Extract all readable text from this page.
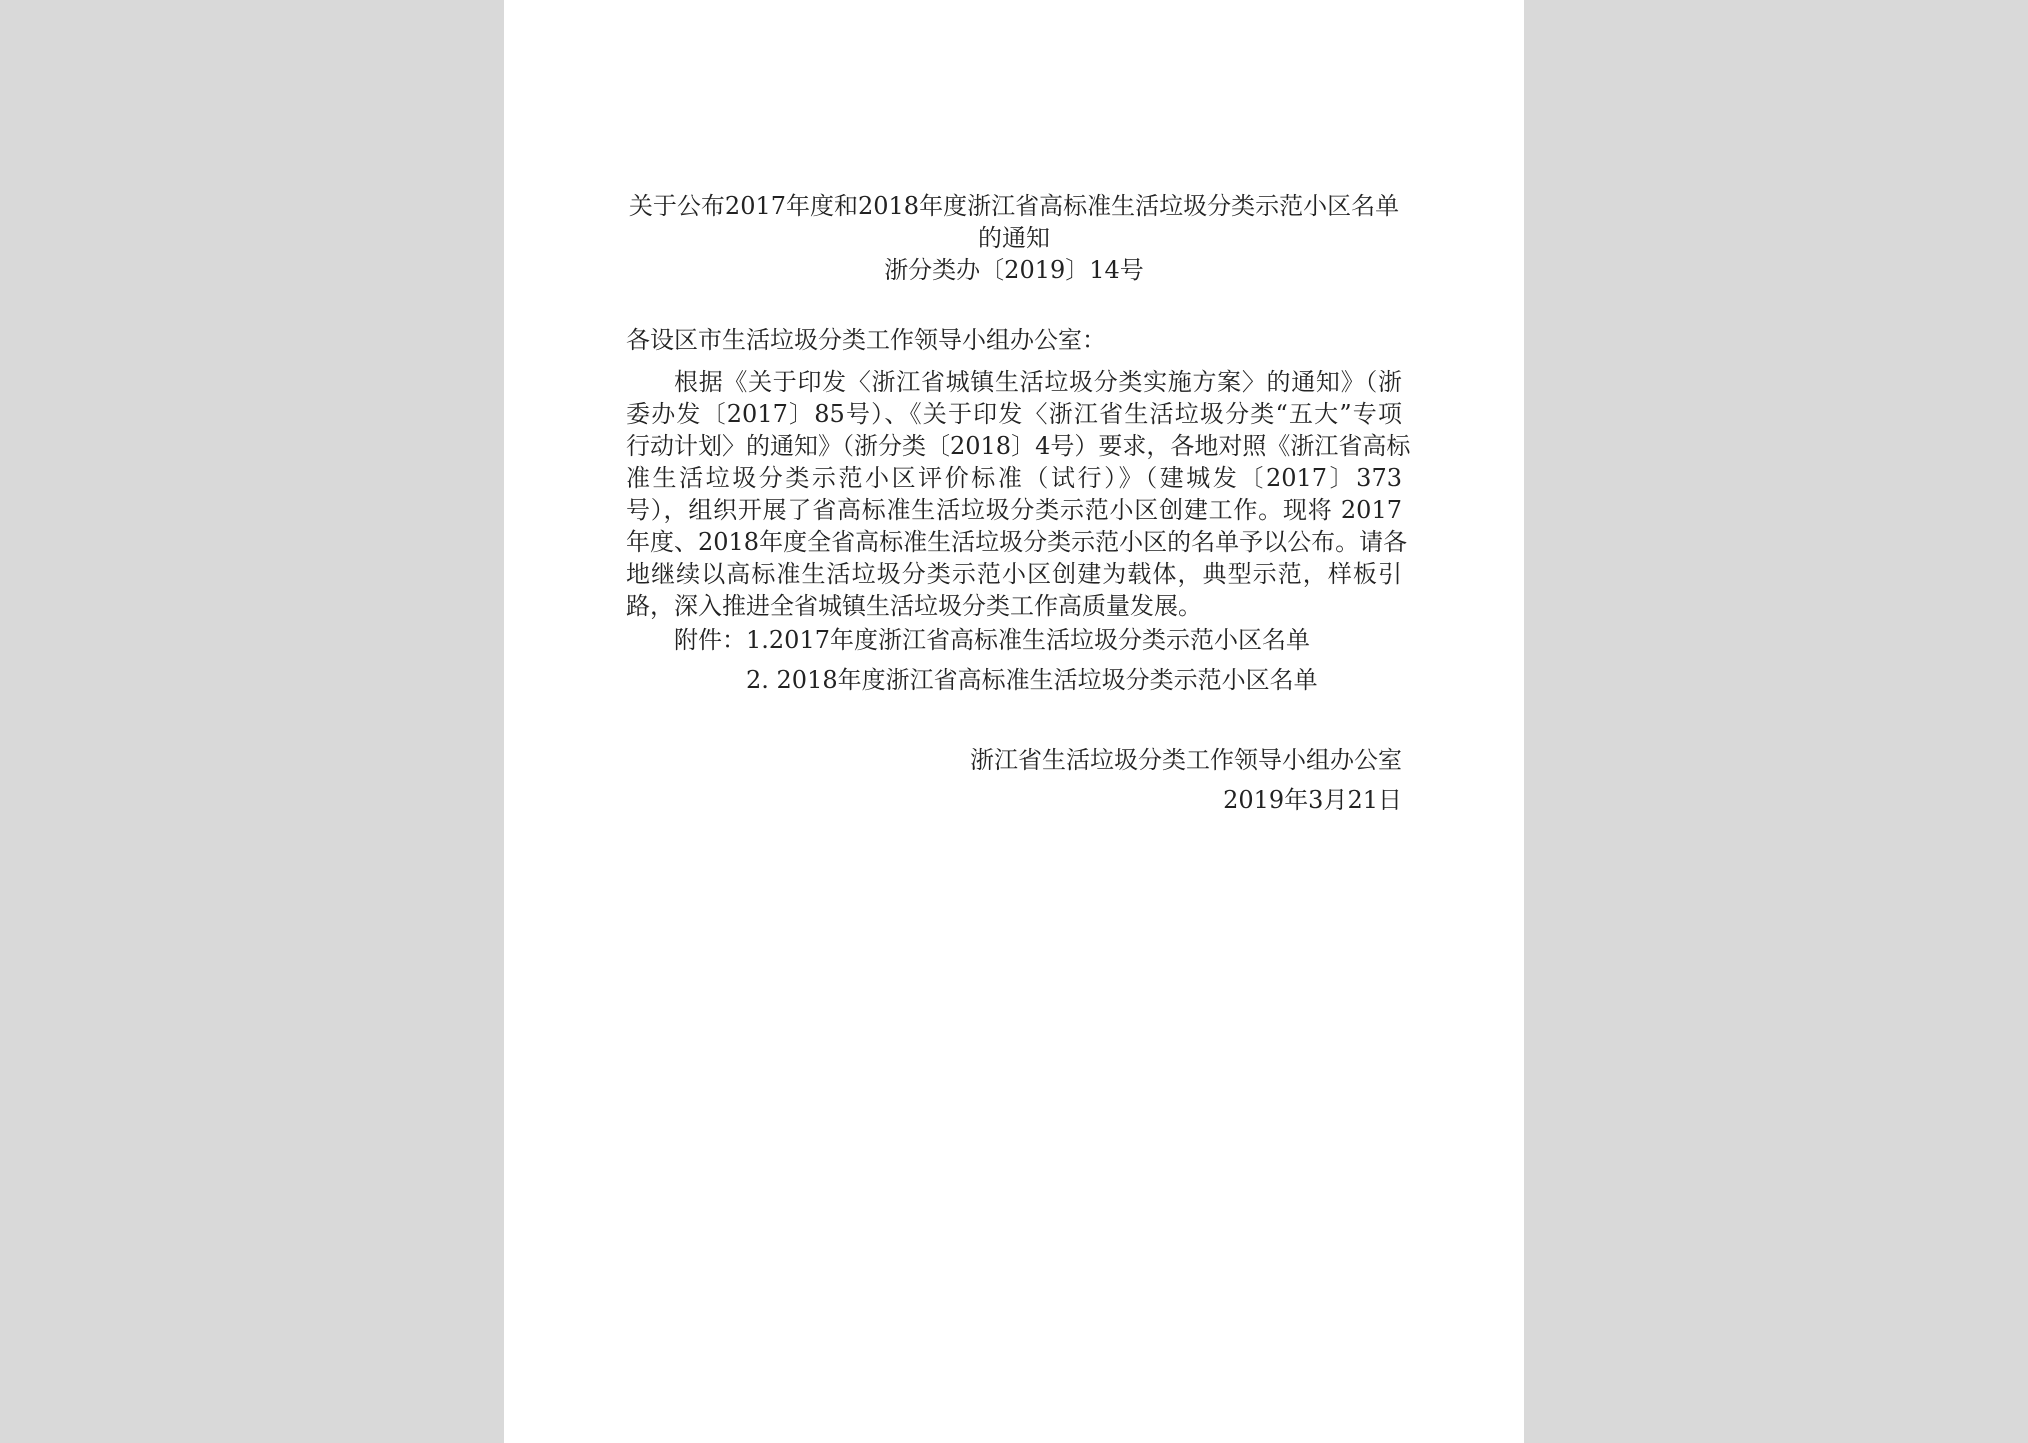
关于公布2017年度和2018年度浙江省高标准生活垃圾分类示范小区名单
的通知
浙分类办〔2019〕14号
各设区市生活垃圾分类工作领导小组办公室：
根据《关于印发〈浙江省城镇生活垃圾分类实施方案〉的通知》（浙
委办发〔2017〕85号）、《关于印发〈浙江省生活垃圾分类“五大”专项
行动计划〉的通知》（浙分类〔2018〕4号）要求，各地对照《浙江省高标
准生活垃圾分类示范小区评价标准（试行）》（建城发〔2017〕373
号），组织开展了省高标准生活垃圾分类示范小区创建工作。现将 2017
年度、2018年度全省高标准生活垃圾分类示范小区的名单予以公布。请各
地继续以高标准生活垃圾分类示范小区创建为载体，典型示范，样板引
路，深入推进全省城镇生活垃圾分类工作高质量发展。
附件： 1.2017年度浙江省高标准生活垃圾分类示范小区名单
2. 2018年度浙江省高标准生活垃圾分类示范小区名单
浙江省生活垃圾分类工作领导小组办公室
2019年3月21日
